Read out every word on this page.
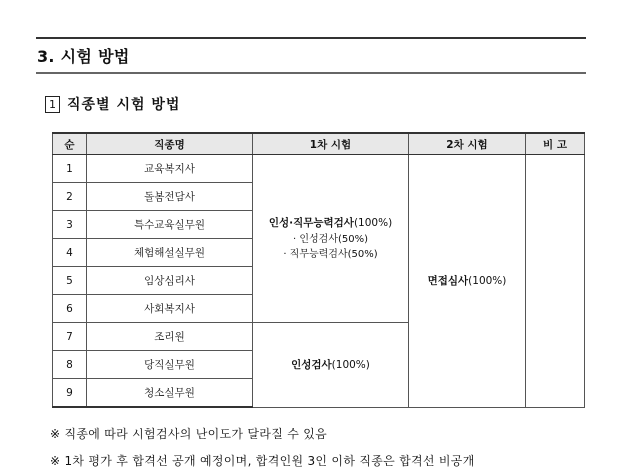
3. 시험 방법
1 직종별 시험 방법
순	직종명	1차 시험	2차 시험	비 고
1	교육복지사	인성·직무능력검사(100%)
· 인성검사(50%)
· 직무능력검사(50%)	면접심사(100%)	
2	돌봄전담사			
3	특수교육실무원			
4	체험해설실무원			
5	임상심리사			
6	사회복지사			
7	조리원	인성검사(100%)		
8	당직실무원			
9	청소실무원			
※ 직종에 따라 시험검사의 난이도가 달라질 수 있음
※ 1차 평가 후 합격선 공개 예정이며, 합격인원 3인 이하 직종은 합격선 비공개
